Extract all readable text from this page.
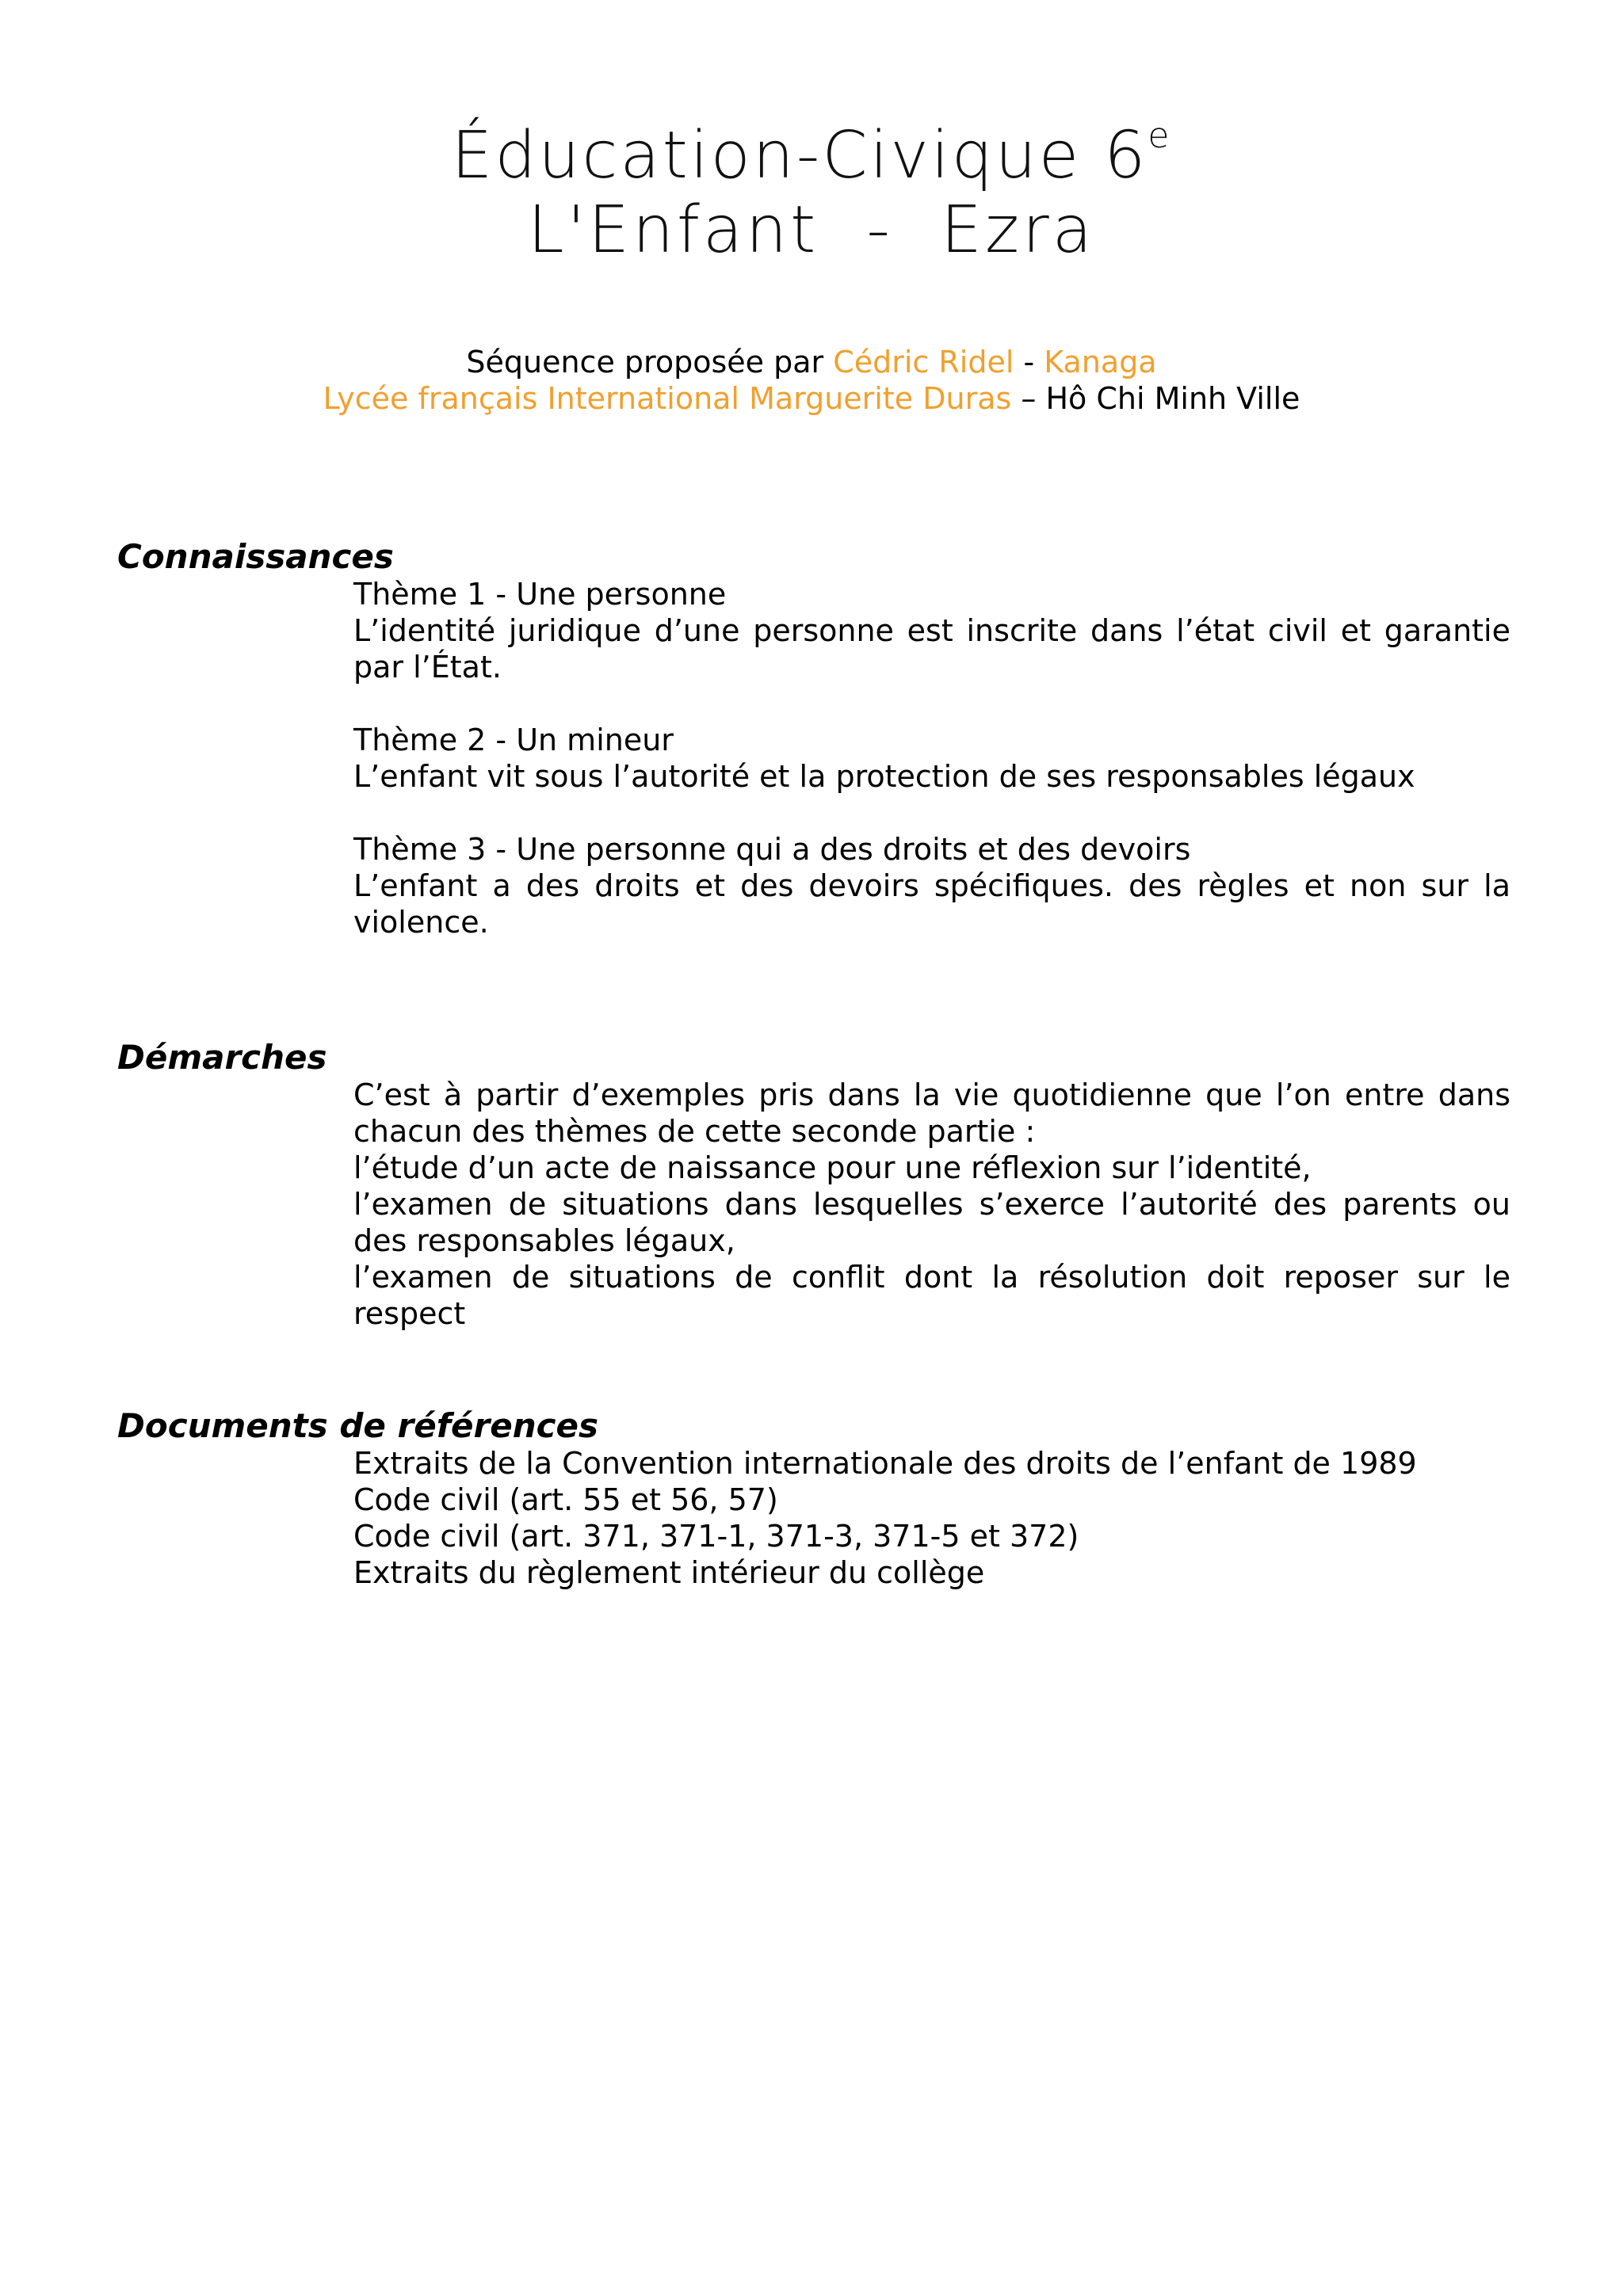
Éducation-Civique 6e
L'Enfant  -  Ezra
Séquence proposée par Cédric Ridel - Kanaga
Lycée français International Marguerite Duras – Hô Chi Minh Ville
Connaissances
Thème 1 - Une personne
L’identité juridique d’une personne est inscrite dans l’état civil et garantie par l’État.
Thème 2 - Un mineur
L’enfant vit sous l’autorité et la protection de ses responsables légaux
Thème 3 - Une personne qui a des droits et des devoirs
L’enfant a des droits et des devoirs spécifiques. des règles et non sur la violence.
Démarches
C’est à partir d’exemples pris dans la vie quotidienne que l’on entre dans chacun des thèmes de cette seconde partie :
l’étude d’un acte de naissance pour une réflexion sur l’identité,
l’examen de situations dans lesquelles s’exerce l’autorité des parents ou des responsables légaux,
l’examen de situations de conflit dont la résolution doit reposer sur le respect
Documents de références
Extraits de la Convention internationale des droits de l’enfant de 1989
Code civil (art. 55 et 56, 57)
Code civil (art. 371, 371-1, 371-3, 371-5 et 372)
Extraits du règlement intérieur du collège
